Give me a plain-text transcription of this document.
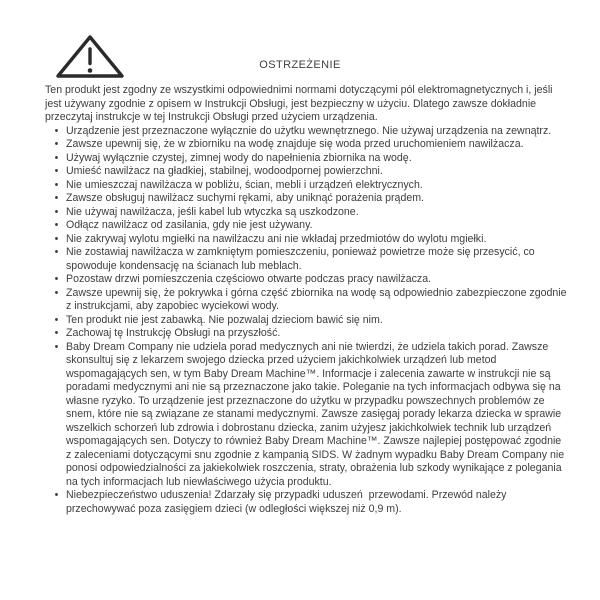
OSTRZEŻENIE

Ten produkt jest zgodny ze wszystkimi odpowiednimi normami dotyczącymi pól elektromagnetycznych i, jeśli jest używany zgodnie z opisem w Instrukcji Obsługi, jest bezpieczny w użyciu. Dlatego zawsze dokładnie przeczytaj instrukcje w tej Instrukcji Obsługi przed użyciem urządzenia.

• Urządzenie jest przeznaczone wyłącznie do użytku wewnętrznego. Nie używaj urządzenia na zewnątrz.
• Zawsze upewnij się, że w zbiorniku na wodę znajduje się woda przed uruchomieniem nawilżacza.
• Używaj wyłącznie czystej, zimnej wody do napełnienia zbiornika na wodę.
• Umieść nawilżacz na gładkiej, stabilnej, wodoodpornej powierzchni.
• Nie umieszczaj nawilżacza w pobliżu, ścian, mebli i urządzeń elektrycznych.
• Zawsze obsługuj nawilżacz suchymi rękami, aby uniknąć porażenia prądem.
• Nie używaj nawilżacza, jeśli kabel lub wtyczka są uszkodzone.
• Odłącz nawilżacz od zasilania, gdy nie jest używany.
• Nie zakrywaj wylotu mgiełki na nawilżaczu ani nie wkładaj przedmiotów do wylotu mgiełki.
• Nie zostawiaj nawilżacza w zamkniętym pomieszczeniu, ponieważ powietrze może się przesycić, co spowoduje kondensację na ścianach lub meblach.
• Pozostaw drzwi pomieszczenia częściowo otwarte podczas pracy nawilżacza.
• Zawsze upewnij się, że pokrywka i górna część zbiornika na wodę są odpowiednio zabezpieczone zgodnie z instrukcjami, aby zapobiec wyciekowi wody.
• Ten produkt nie jest zabawką. Nie pozwalaj dzieciom bawić się nim.
• Zachowaj tę Instrukcję Obsługi na przyszłość.
• Baby Dream Company nie udziela porad medycznych ani nie twierdzi, że udziela takich porad. Zawsze skonsultuj się z lekarzem swojego dziecka przed użyciem jakichkolwiek urządzeń lub metod wspomagających sen, w tym Baby Dream Machine™. Informacje i zalecenia zawarte w instrukcji nie są poradami medycznymi ani nie są przeznaczone jako takie. Poleganie na tych informacjach odbywa się na własne ryzyko. To urządzenie jest przeznaczone do użytku w przypadku powszechnych problemów ze snem, które nie są związane ze stanami medycznymi. Zawsze zasięgaj porady lekarza dziecka w sprawie wszelkich schorzeń lub zdrowia i dobrostanu dziecka, zanim użyjesz jakichkolwiek technik lub urządzeń wspomagających sen. Dotyczy to również Baby Dream Machine™. Zawsze najlepiej postępować zgodnie z zaleceniami dotyczącymi snu zgodnie z kampanią SIDS. W żadnym wypadku Baby Dream Company nie ponosi odpowiedzialności za jakiekolwiek roszczenia, straty, obrażenia lub szkody wynikające z polegania na tych informacjach lub niewłaściwego użycia produktu.
• Niebezpieczeństwo uduszenia! Zdarzały się przypadki uduszeń  przewodami. Przewód należy przechowywać poza zasięgiem dzieci (w odległości większej niż 0,9 m).
